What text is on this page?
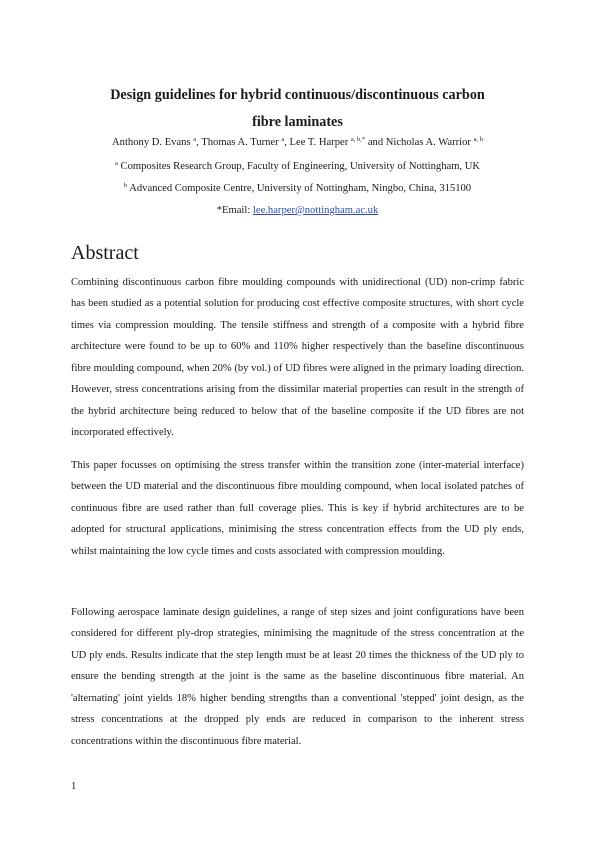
Design guidelines for hybrid continuous/discontinuous carbon
fibre laminates
Anthony D. Evans $^a$, Thomas A. Turner $^a$, Lee T. Harper $^{a, b,*}$ and Nicholas A. Warrior $^{a, b}$
$^a$ Composites Research Group, Faculty of Engineering, University of Nottingham, UK
$^b$ Advanced Composite Centre, University of Nottingham, Ningbo, China, 315100
*Email: lee.harper@nottingham.ac.uk
Abstract

Combining discontinuous carbon fibre moulding compounds with unidirectional (UD) non-crimp fabric has been studied as a potential solution for producing cost effective composite structures, with short cycle times via compression moulding. The tensile stiffness and strength of a composite with a hybrid fibre architecture were found to be up to 60% and 110% higher respectively than the baseline discontinuous fibre moulding compound, when 20% (by vol.) of UD fibres were aligned in the primary loading direction. However, stress concentrations arising from the dissimilar material properties can result in the strength of the hybrid architecture being reduced to below that of the baseline composite if the UD fibres are not incorporated effectively.

This paper focusses on optimising the stress transfer within the transition zone (inter-material interface) between the UD material and the discontinuous fibre moulding compound, when local isolated patches of continuous fibre are used rather than full coverage plies. This is key if hybrid architectures are to be adopted for structural applications, minimising the stress concentration effects from the UD ply ends, whilst maintaining the low cycle times and costs associated with compression moulding.

Following aerospace laminate design guidelines, a range of step sizes and joint configurations have been considered for different ply-drop strategies, minimising the magnitude of the stress concentration at the UD ply ends. Results indicate that the step length must be at least 20 times the thickness of the UD ply to ensure the bending strength at the joint is the same as the baseline discontinuous fibre material. An 'alternating' joint yields 18% higher bending strengths than a conventional 'stepped' joint design, as the stress concentrations at the dropped ply ends are reduced in comparison to the inherent stress concentrations within the discontinuous fibre material.

1
